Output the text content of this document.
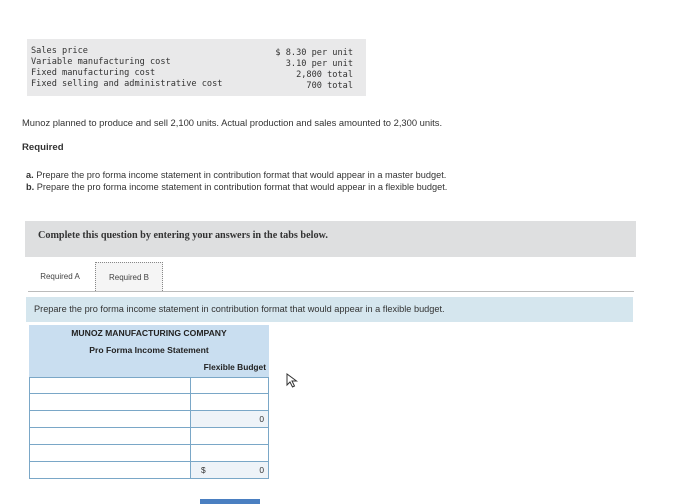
Sales price
Variable manufacturing cost
Fixed manufacturing cost
Fixed selling and administrative cost
$ 8.30 per unit
3.10 per unit
2,800 total
700 total
Munoz planned to produce and sell 2,100 units. Actual production and sales amounted to 2,300 units.
Required
a. Prepare the pro forma income statement in contribution format that would appear in a master budget.
b. Prepare the pro forma income statement in contribution format that would appear in a flexible budget.
Complete this question by entering your answers in the tabs below.
Required A	Required B
Prepare the pro forma income statement in contribution format that would appear in a flexible budget.
MUNOZ MANUFACTURING COMPANY
Pro Forma Income Statement
Flexible Budget
0
$	0
